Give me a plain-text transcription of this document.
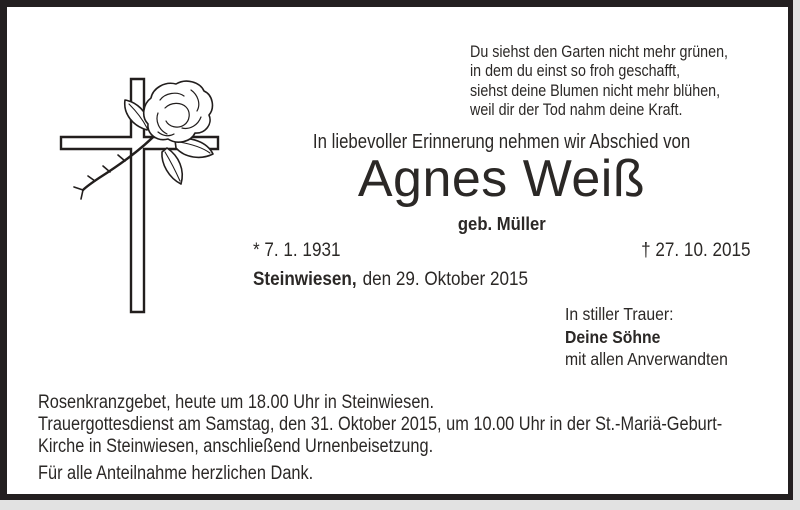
Du siehst den Garten nicht mehr grünen,
in dem du einst so froh geschafft,
siehst deine Blumen nicht mehr blühen,
weil dir der Tod nahm deine Kraft.
In liebevoller Erinnerung nehmen wir Abschied von
Agnes Weiß
geb. Müller
* 7. 1. 1931	† 27. 10. 2015
Steinwiesen, den 29. Oktober 2015
In stiller Trauer:
Deine Söhne
mit allen Anverwandten
Rosenkranzgebet, heute um 18.00 Uhr in Steinwiesen.
Trauergottesdienst am Samstag, den 31. Oktober 2015, um 10.00 Uhr in der St.-Mariä-Geburt-
Kirche in Steinwiesen, anschließend Urnenbeisetzung.
Für alle Anteilnahme herzlichen Dank.
